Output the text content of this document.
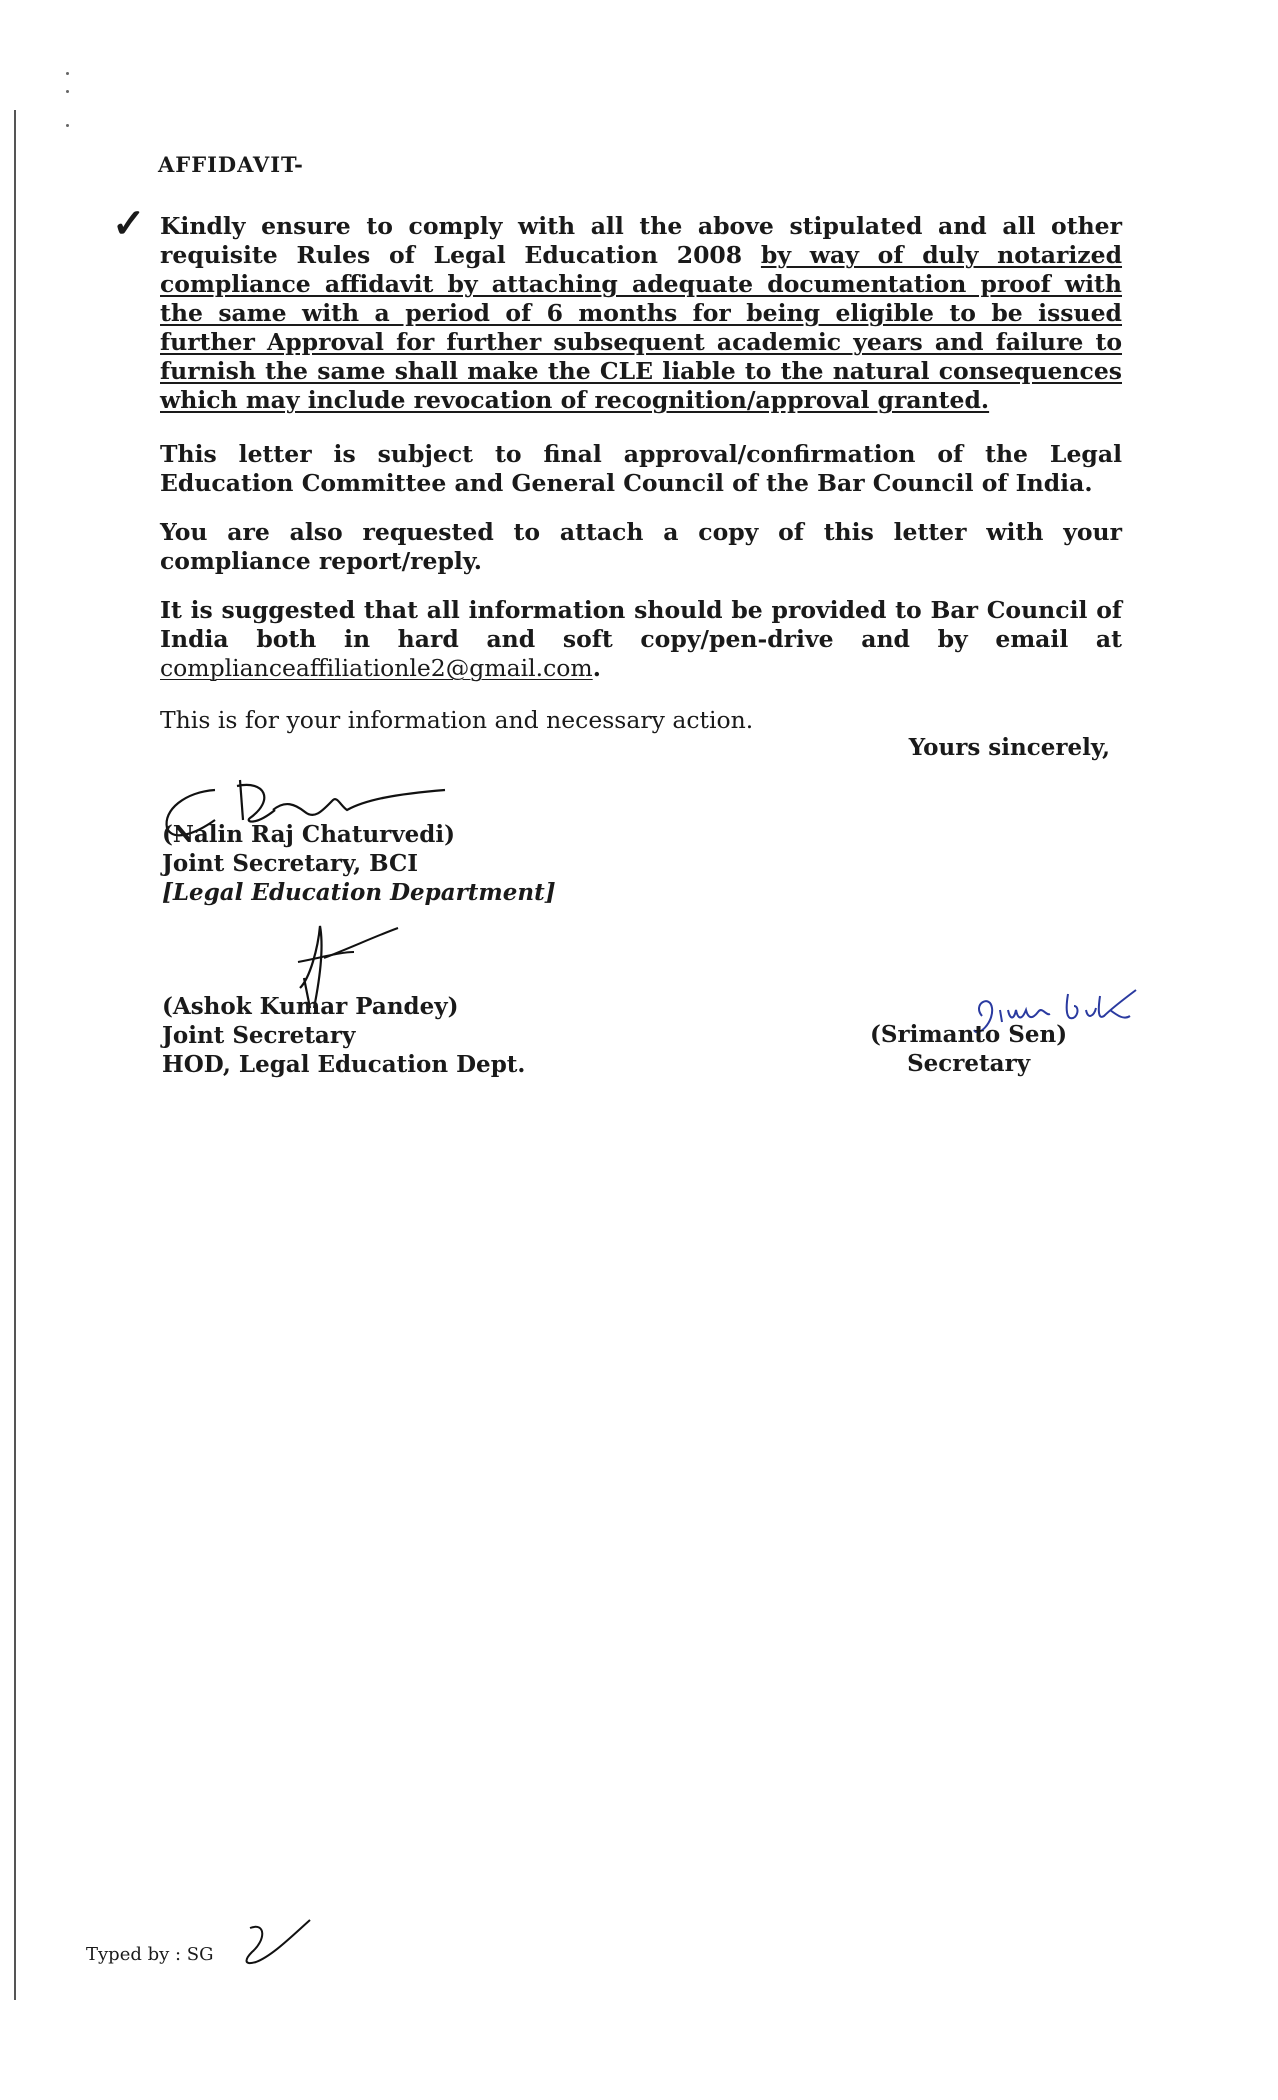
AFFIDAVIT-
✓ Kindly ensure to comply with all the above stipulated and all other requisite Rules of Legal Education 2008 by way of duly notarized compliance affidavit by attaching adequate documentation proof with the same with a period of 6 months for being eligible to be issued further Approval for further subsequent academic years and failure to furnish the same shall make the CLE liable to the natural consequences which may include revocation of recognition/approval granted.
This letter is subject to final approval/confirmation of the Legal Education Committee and General Council of the Bar Council of India.
You are also requested to attach a copy of this letter with your compliance report/reply.
It is suggested that all information should be provided to Bar Council of India both in hard and soft copy/pen-drive and by email at complianceaffiliationle2@gmail.com.
This is for your information and necessary action.
Yours sincerely,
(Nalin Raj Chaturvedi)
Joint Secretary, BCI
[Legal Education Department]
(Ashok Kumar Pandey)
Joint Secretary
HOD, Legal Education Dept.
(Srimanto Sen)
Secretary
Typed by : SG
